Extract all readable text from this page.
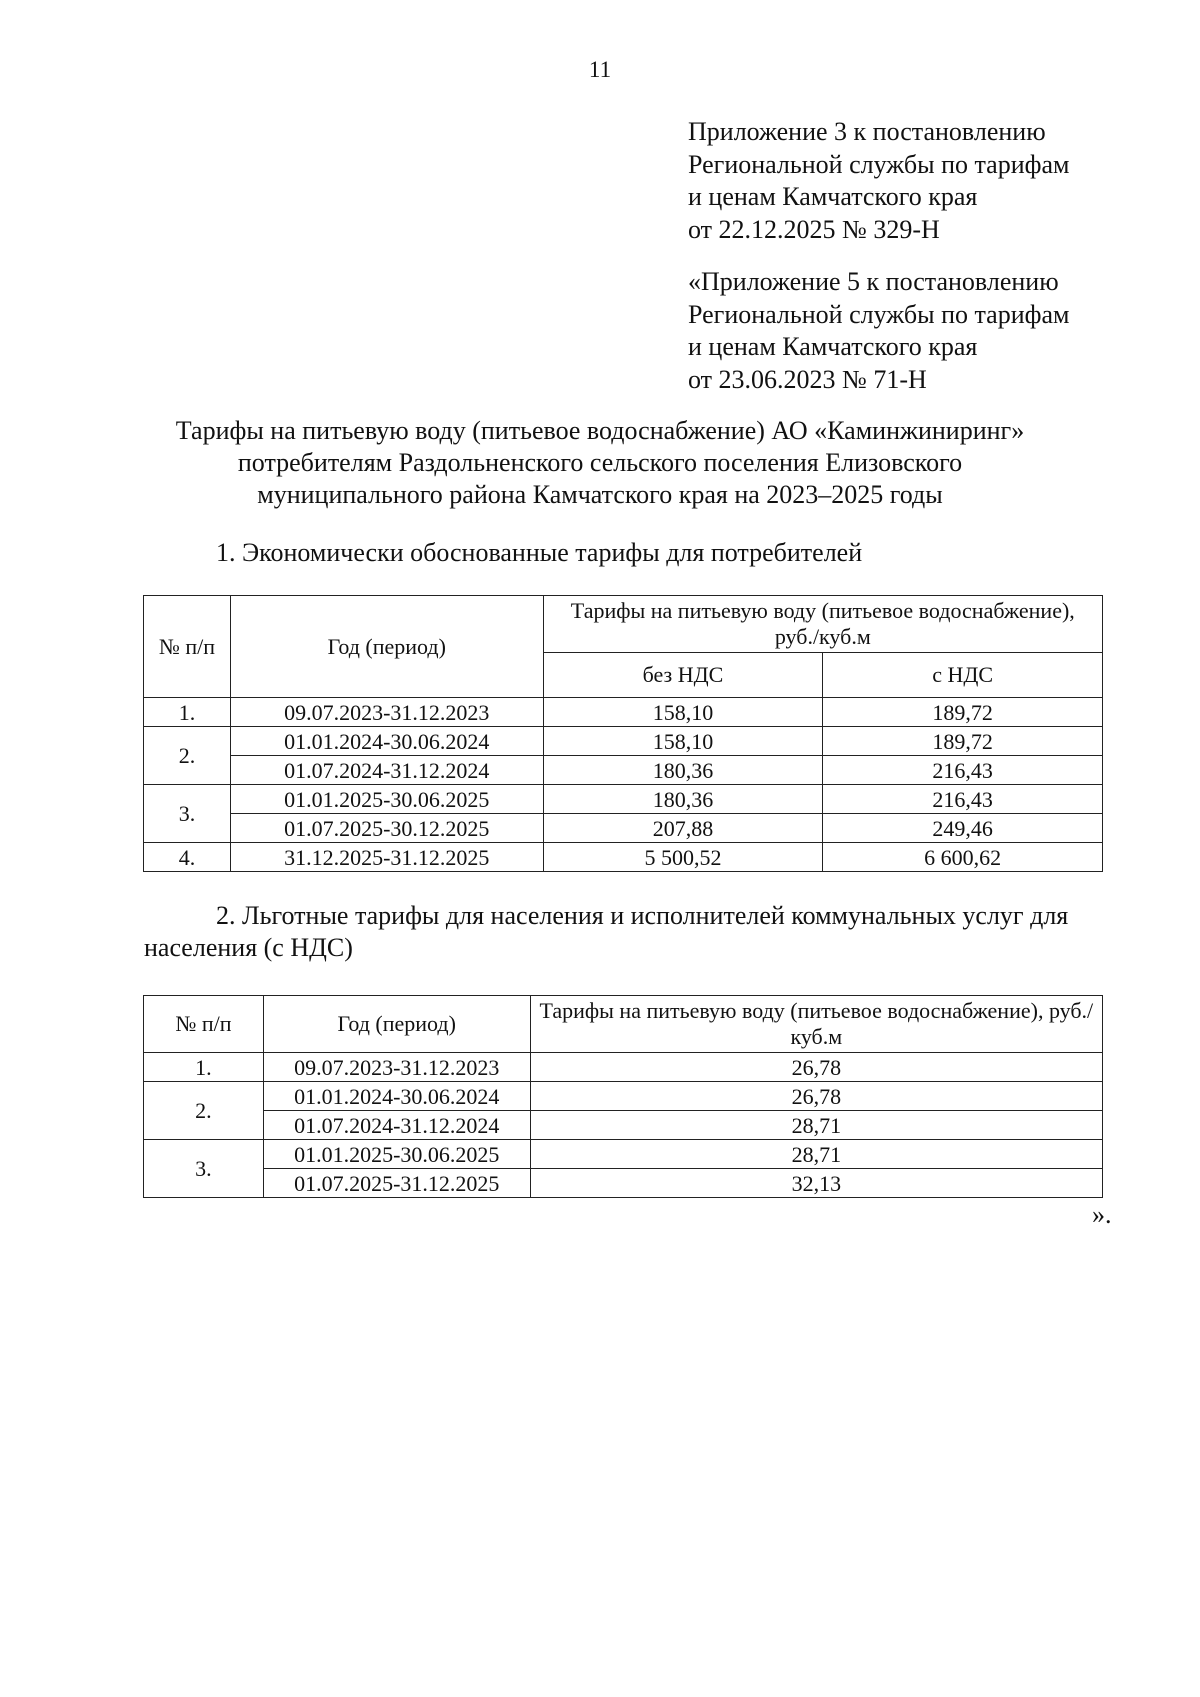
11
Приложение 3 к постановлению
Региональной службы по тарифам
и ценам Камчатского края
от 22.12.2025 № 329-Н
«Приложение 5 к постановлению
Региональной службы по тарифам
и ценам Камчатского края
от 23.06.2023 № 71-Н
Тарифы на питьевую воду (питьевое водоснабжение) АО «Каминжиниринг»
потребителям Раздольненского сельского поселения Елизовского
муниципального района Камчатского края на 2023–2025 годы
1. Экономически обоснованные тарифы для потребителей
№ п/п	Год (период)	Тарифы на питьевую воду (питьевое водоснабжение), руб./куб.м	
		без НДС	с НДС
1.	09.07.2023-31.12.2023	158,10	189,72
2.	01.01.2024-30.06.2024	158,10	189,72
	01.07.2024-31.12.2024	180,36	216,43
3.	01.01.2025-30.06.2025	180,36	216,43
	01.07.2025-30.12.2025	207,88	249,46
4.	31.12.2025-31.12.2025	5 500,52	6 600,62
2. Льготные тарифы для населения и исполнителей коммунальных услуг для населения (с НДС)
№ п/п	Год (период)	Тарифы на питьевую воду (питьевое водоснабжение), руб./куб.м
1.	09.07.2023-31.12.2023	26,78
2.	01.01.2024-30.06.2024	26,78
	01.07.2024-31.12.2024	28,71
3.	01.01.2025-30.06.2025	28,71
	01.07.2025-31.12.2025	32,13
».
